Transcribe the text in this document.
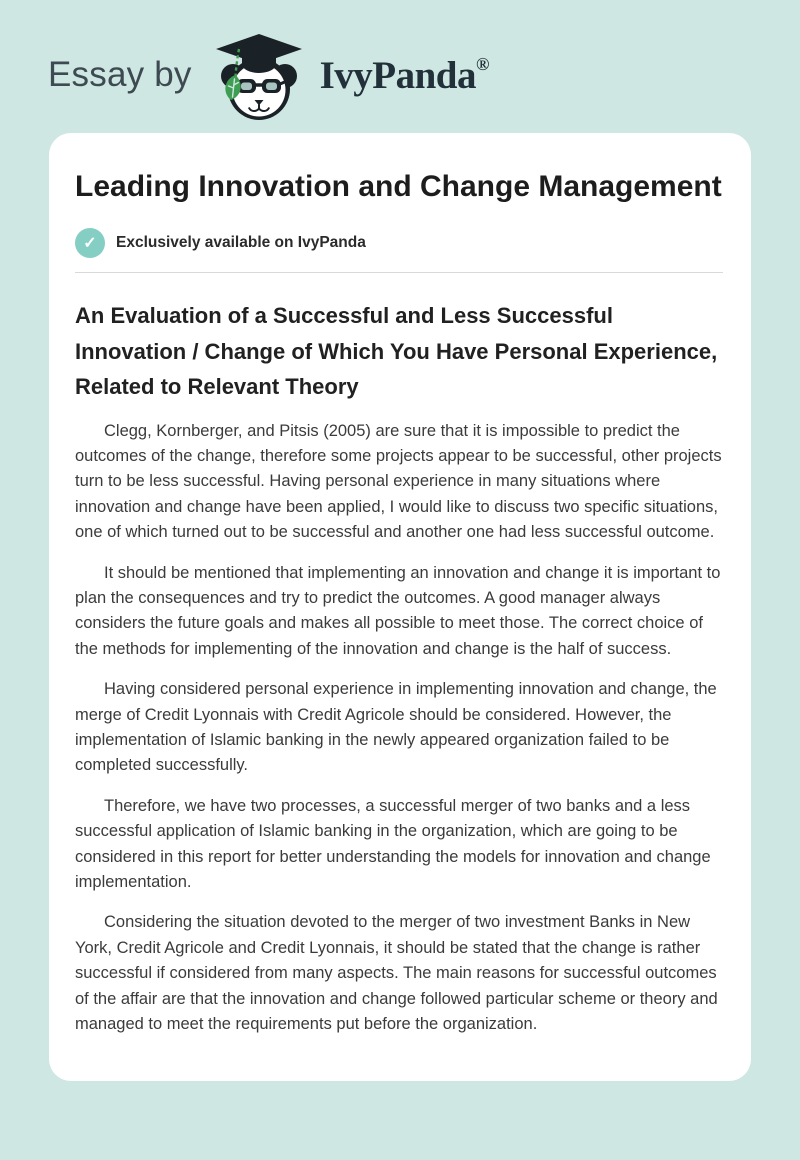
Essay by	IvyPanda®
Leading Innovation and Change Management
✓	Exclusively available on IvyPanda
An Evaluation of a Successful and Less Successful Innovation / Change of Which You Have Personal Experience, Related to Relevant Theory

Clegg, Kornberger, and Pitsis (2005) are sure that it is impossible to predict the outcomes of the change, therefore some projects appear to be successful, other projects turn to be less successful. Having personal experience in many situations where innovation and change have been applied, I would like to discuss two specific situations, one of which turned out to be successful and another one had less successful outcome.

It should be mentioned that implementing an innovation and change it is important to plan the consequences and try to predict the outcomes. A good manager always considers the future goals and makes all possible to meet those. The correct choice of the methods for implementing of the innovation and change is the half of success.

Having considered personal experience in implementing innovation and change, the merge of Credit Lyonnais with Credit Agricole should be considered. However, the implementation of Islamic banking in the newly appeared organization failed to be completed successfully.

Therefore, we have two processes, a successful merger of two banks and a less successful application of Islamic banking in the organization, which are going to be considered in this report for better understanding the models for innovation and change implementation.

Considering the situation devoted to the merger of two investment Banks in New York, Credit Agricole and Credit Lyonnais, it should be stated that the change is rather successful if considered from many aspects. The main reasons for successful outcomes of the affair are that the innovation and change followed particular scheme or theory and managed to meet the requirements put before the organization.
